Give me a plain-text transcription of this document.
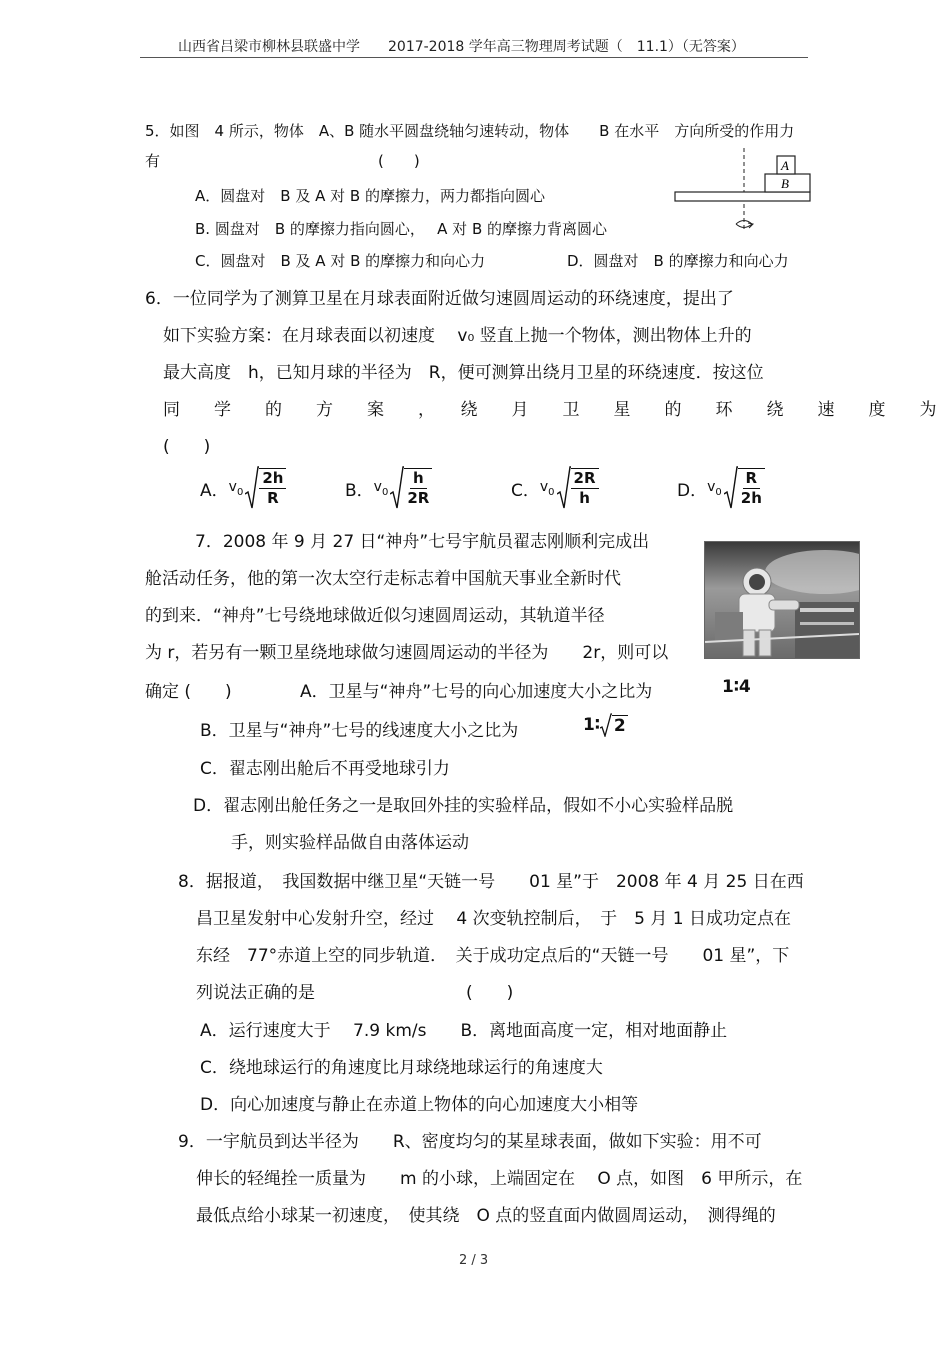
山西省吕梁市柳林县联盛中学　　2017-2018 学年高三物理周考试题（　11.1）（无答案）
5．如图　4 所示，物体　A、B 随水平圆盘绕轴匀速转动，物体　　B 在水平　方向所受的作用力
有	(　　)
A．圆盘对　B 及 A 对 B 的摩擦力，两力都指向圆心
B. 圆盘对　B 的摩擦力指向圆心，　 A 对 B 的摩擦力背离圆心
C．圆盘对　B 及 A 对 B 的摩擦力和向心力	D．圆盘对　B 的摩擦力和向心力
A
B
6．一位同学为了测算卫星在月球表面附近做匀速圆周运动的环绕速度，提出了
如下实验方案：在月球表面以初速度　 v₀ 竖直上抛一个物体，测出物体上升的
最大高度　h，已知月球的半径为　R，便可测算出绕月卫星的环绕速度．按这位
同　　学　　的　　方　　案　　，　　绕　　月　　卫　　星　　的　　环　　绕　　速　　度　　为
(　　)
A． $v_0 \frac{2h}{R}$	B． $v_0 \frac{h}{2R}$	C． $v_0 \frac{2R}{h}$	D． $v_0 \frac{R}{2h}$
7．2008 年 9 月 27 日“神舟”七号宇航员翟志刚顺利完成出
舱活动任务，他的第一次太空行走标志着中国航天事业全新时代
的到来．“神舟”七号绕地球做近似匀速圆周运动，其轨道半径
为 r，若另有一颗卫星绕地球做匀速圆周运动的半径为　　2r，则可以
确定 (　　)	A．卫星与“神舟”七号的向心加速度大小之比为	1∶4
B．卫星与“神舟”七号的线速度大小之比为	1∶ 2
C．翟志刚出舱后不再受地球引力
D．翟志刚出舱任务之一是取回外挂的实验样品，假如不小心实验样品脱
手，则实验样品做自由落体运动
8．据报道，　我国数据中继卫星“天链一号　　01 星”于　2008 年 4 月 25 日在西
昌卫星发射中心发射升空，经过　 4 次变轨控制后，　于　5 月 1 日成功定点在
东经　77°赤道上空的同步轨道．　关于成功定点后的“天链一号　　01 星”，下
列说法正确的是	(　　)
A．运行速度大于　 7.9 km/s　　B．离地面高度一定，相对地面静止
C．绕地球运行的角速度比月球绕地球运行的角速度大
D．向心加速度与静止在赤道上物体的向心加速度大小相等
9．一宇航员到达半径为　　R、密度均匀的某星球表面，做如下实验：用不可
伸长的轻绳拴一质量为　　m 的小球，上端固定在　 O 点，如图　6 甲所示，在
最低点给小球某一初速度，　使其绕　O 点的竖直面内做圆周运动，　测得绳的
2 / 3
